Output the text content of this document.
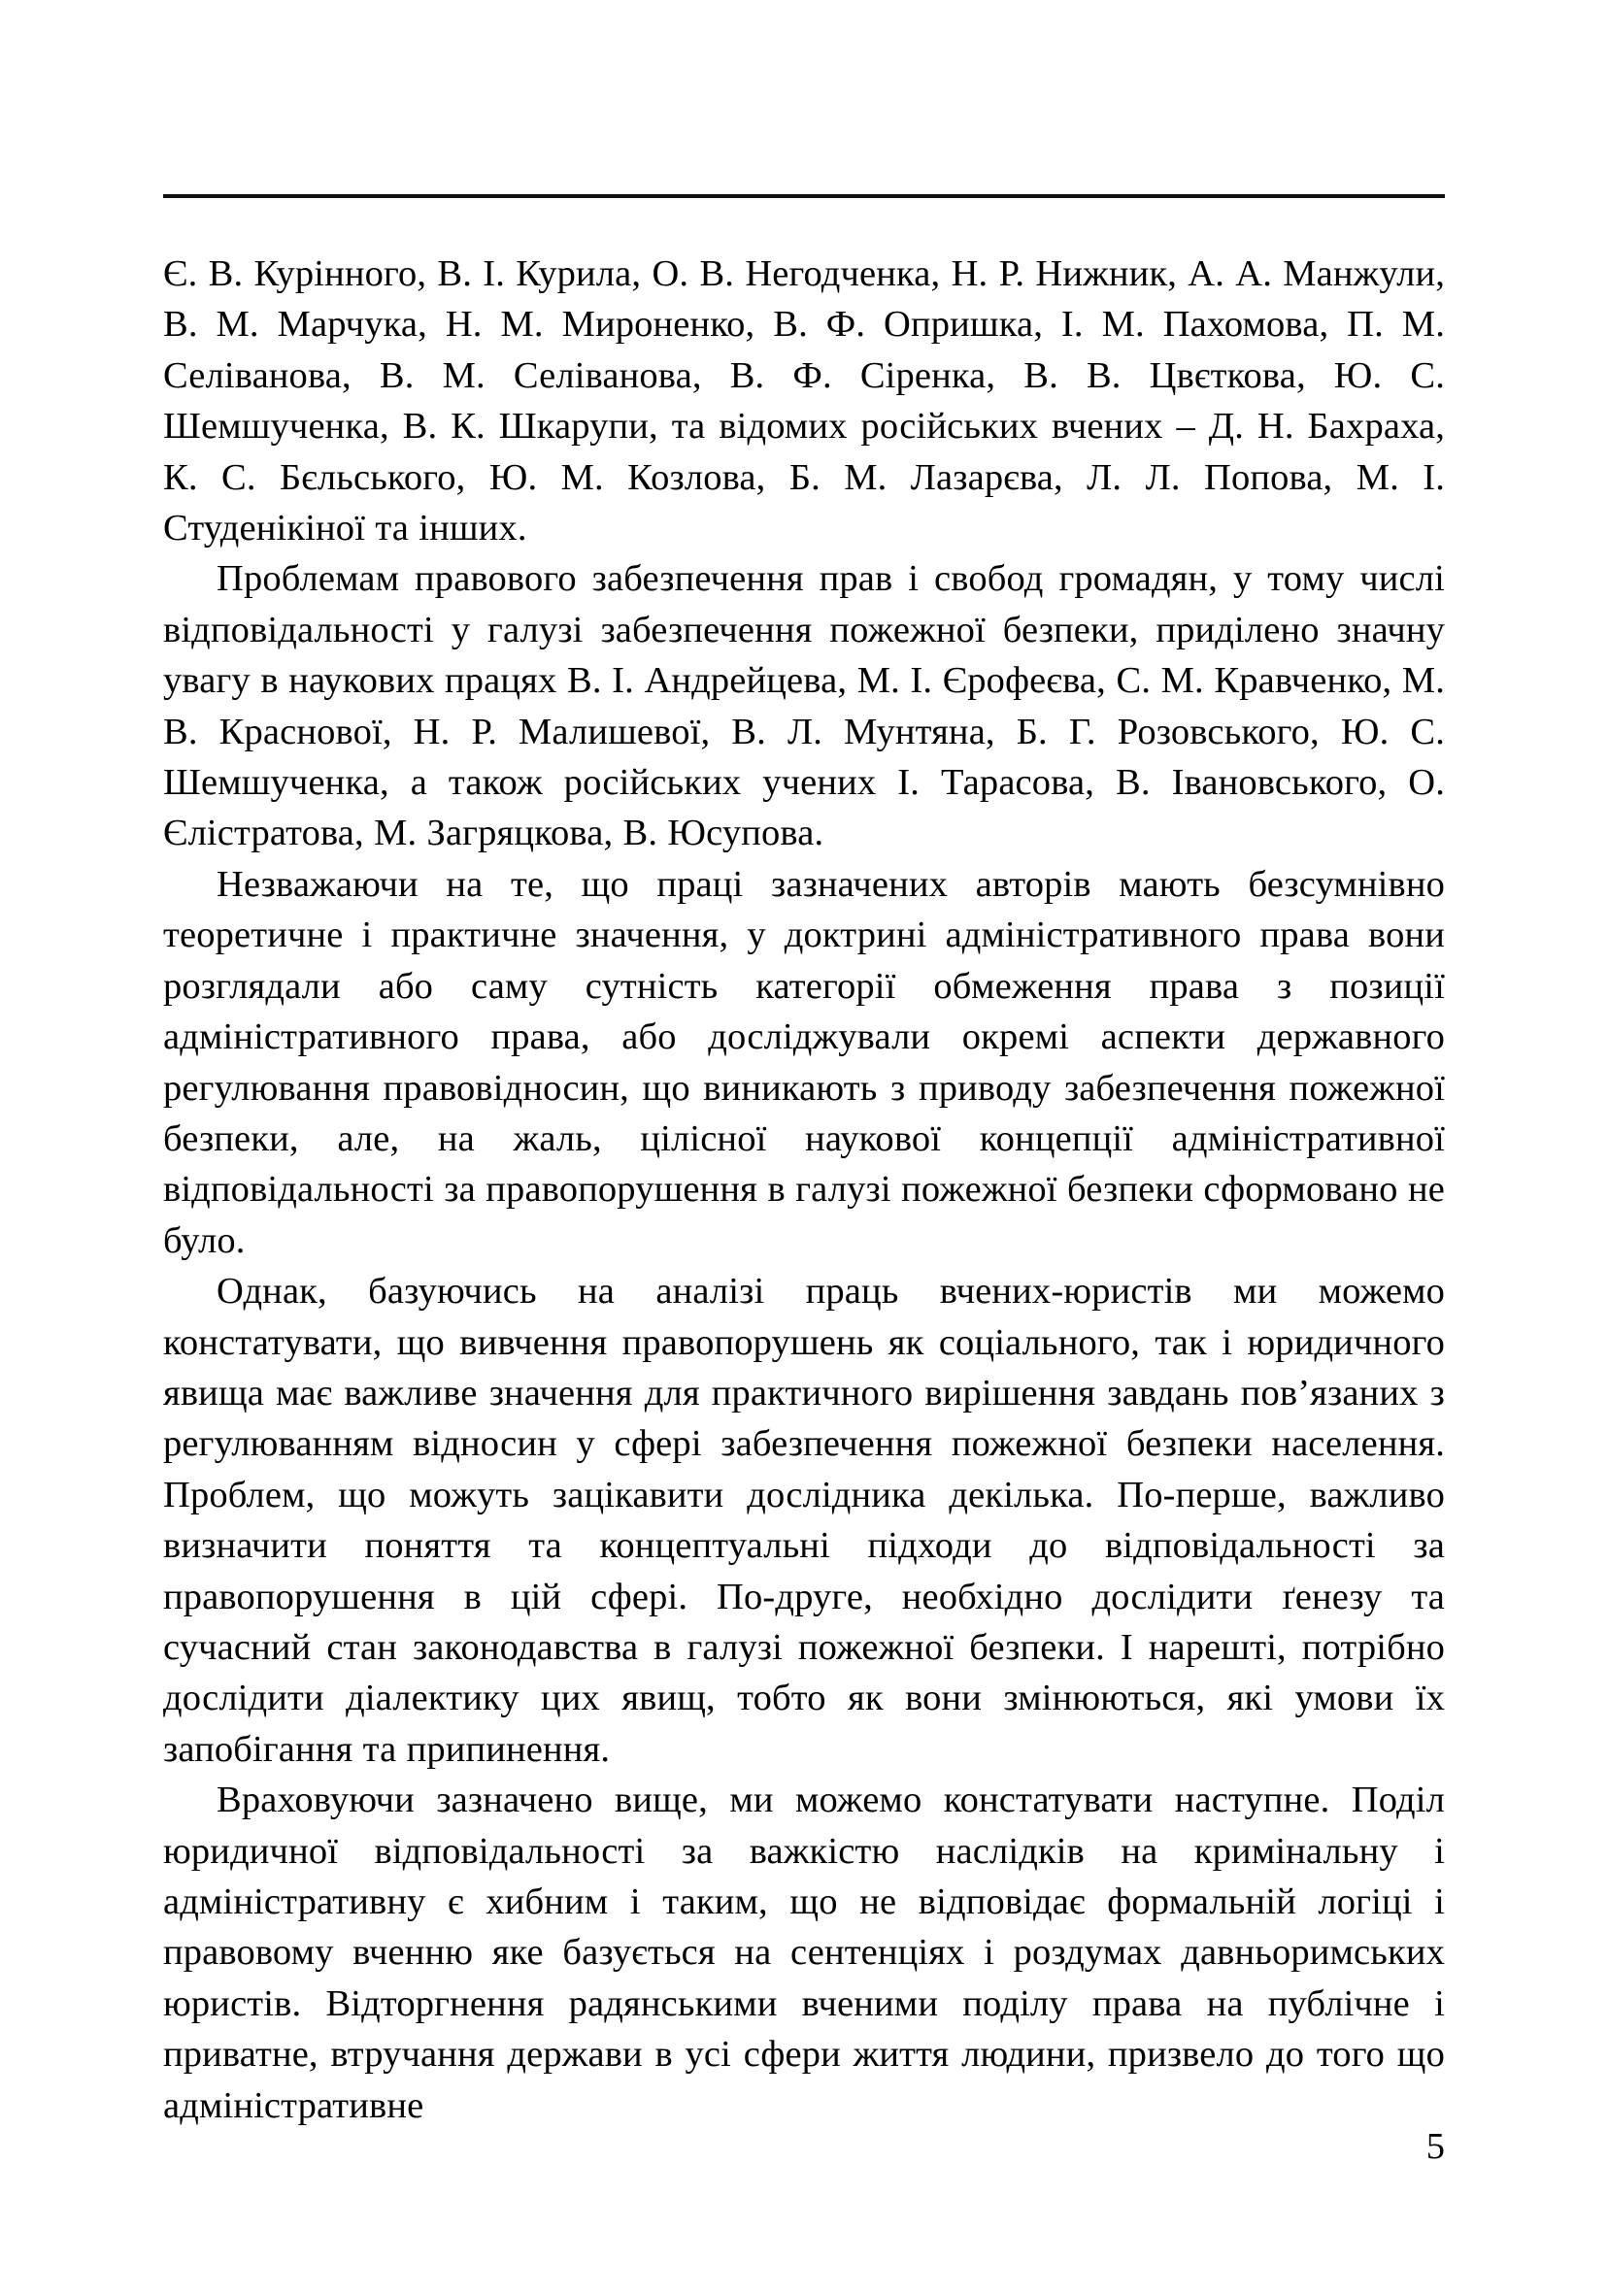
Є. В. Курінного, В. І. Курила, О. В. Негодченка, Н. Р. Нижник, А. А. Манжули, В. М. Марчука, Н. М. Мироненко, В. Ф. Опришка, І. М. Пахомова, П. М. Селіванова, В. М. Селіванова, В. Ф. Сіренка, В. В. Цвєткова, Ю. С. Шемшученка, В. К. Шкарупи, та відомих російських вчених – Д. Н. Бахраха, К. С. Бєльського, Ю. М. Козлова, Б. М. Лазарєва, Л. Л. Попова, М. І. Студенікіної та інших.

Проблемам правового забезпечення прав і свобод громадян, у тому числі відповідальності у галузі забезпечення пожежної безпеки, приділено значну увагу в наукових працях В. І. Андрейцева, М. І. Єрофеєва, С. М. Кравченко, М. В. Краснової, Н. Р. Малишевої, В. Л. Мунтяна, Б. Г. Розовського, Ю. С. Шемшученка, а також російських учених І. Тарасова, В. Івановського, О. Єлістратова, М. Загряцкова, В. Юсупова.

Незважаючи на те, що праці зазначених авторів мають безсумнівно теоретичне і практичне значення, у доктрині адміністративного права вони розглядали або саму сутність категорії обмеження права з позиції адміністративного права, або досліджували окремі аспекти державного регулювання правовідносин, що виникають з приводу забезпечення пожежної безпеки, але, на жаль, цілісної наукової концепції адміністративної відповідальності за правопорушення в галузі пожежної безпеки сформовано не було.

Однак, базуючись на аналізі праць вчених-юристів ми можемо констатувати, що вивчення правопорушень як соціального, так і юридичного явища має важливе значення для практичного вирішення завдань пов’язаних з регулюванням відносин у сфері забезпечення пожежної безпеки населення. Проблем, що можуть зацікавити дослідника декілька. По-перше, важливо визначити поняття та концептуальні підходи до відповідальності за правопорушення в цій сфері. По-друге, необхідно дослідити ґенезу та сучасний стан законодавства в галузі пожежної безпеки. І нарешті, потрібно дослідити діалектику цих явищ, тобто як вони змінюються, які умови їх запобігання та припинення.

Враховуючи зазначено вище, ми можемо констатувати наступне. Поділ юридичної відповідальності за важкістю наслідків на кримінальну і адміністративну є хибним і таким, що не відповідає формальній логіці і правовому вченню яке базується на сентенціях і роздумах давньоримських юристів. Відторгнення радянськими вченими поділу права на публічне і приватне, втручання держави в усі сфери життя людини, призвело до того що адміністративне

5
